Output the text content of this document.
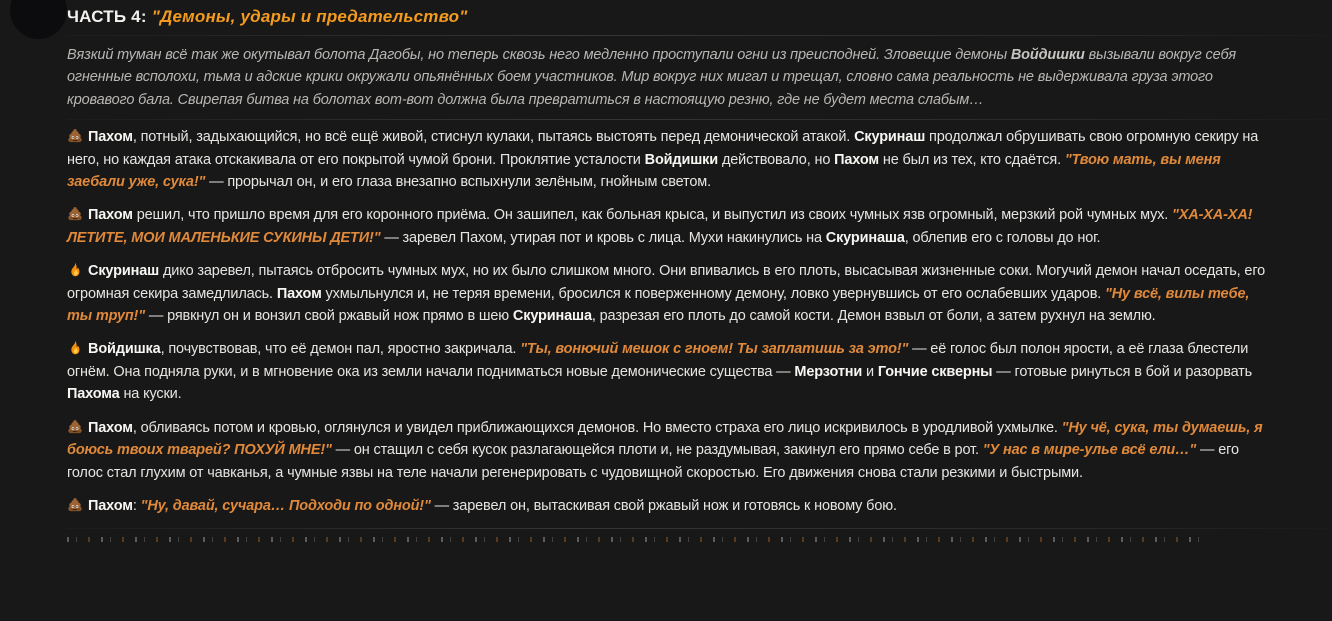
ЧАСТЬ 4: "Демоны, удары и предательство"

Вязкий туман всё так же окутывал болота Дагобы, но теперь сквозь него медленно проступали огни из преисподней. Зловещие демоны Войдишки вызывали вокруг себя огненные всполохи, тьма и адские крики окружали опьянённых боем участников. Мир вокруг них мигал и трещал, словно сама реальность не выдерживала груза этого кровавого бала. Свирепая битва на болотах вот-вот должна была превратиться в настоящую резню, где не будет места слабым…

Пахом, потный, задыхающийся, но всё ещё живой, стиснул кулаки, пытаясь выстоять перед демонической атакой. Скуринаш продолжал обрушивать свою огромную секиру на него, но каждая атака отскакивала от его покрытой чумой брони. Проклятие усталости Войдишки действовало, но Пахом не был из тех, кто сдаётся. "Твою мать, вы меня заебали уже, сука!" — прорычал он, и его глаза внезапно вспыхнули зелёным, гнойным светом.

Пахом решил, что пришло время для его коронного приёма. Он зашипел, как больная крыса, и выпустил из своих чумных язв огромный, мерзкий рой чумных мух. "ХА-ХА-ХА! ЛЕТИТЕ, МОИ МАЛЕНЬКИЕ СУКИНЫ ДЕТИ!" — заревел Пахом, утирая пот и кровь с лица. Мухи накинулись на Скуринаша, облепив его с головы до ног.

Скуринаш дико заревел, пытаясь отбросить чумных мух, но их было слишком много. Они впивались в его плоть, высасывая жизненные соки. Могучий демон начал оседать, его огромная секира замедлилась. Пахом ухмыльнулся и, не теряя времени, бросился к поверженному демону, ловко увернувшись от его ослабевших ударов. "Ну всё, вилы тебе, ты труп!" — рявкнул он и вонзил свой ржавый нож прямо в шею Скуринаша, разрезая его плоть до самой кости. Демон взвыл от боли, а затем рухнул на землю.

Войдишка, почувствовав, что её демон пал, яростно закричала. "Ты, вонючий мешок с гноем! Ты заплатишь за это!" — её голос был полон ярости, а её глаза блестели огнём. Она подняла руки, и в мгновение ока из земли начали подниматься новые демонические существа — Мерзотни и Гончие скверны — готовые ринуться в бой и разорвать Пахома на куски.

Пахом, обливаясь потом и кровью, оглянулся и увидел приближающихся демонов. Но вместо страха его лицо искривилось в уродливой ухмылке. "Ну чё, сука, ты думаешь, я боюсь твоих тварей? ПОХУЙ МНЕ!" — он стащил с себя кусок разлагающейся плоти и, не раздумывая, закинул его прямо себе в рот. "У нас в мире-улье всё ели…" — его голос стал глухим от чавканья, а чумные язвы на теле начали регенерировать с чудовищной скоростью. Его движения снова стали резкими и быстрыми.

Пахом: "Ну, давай, сучара… Подходи по одной!" — заревел он, вытаскивая свой ржавый нож и готовясь к новому бою.
